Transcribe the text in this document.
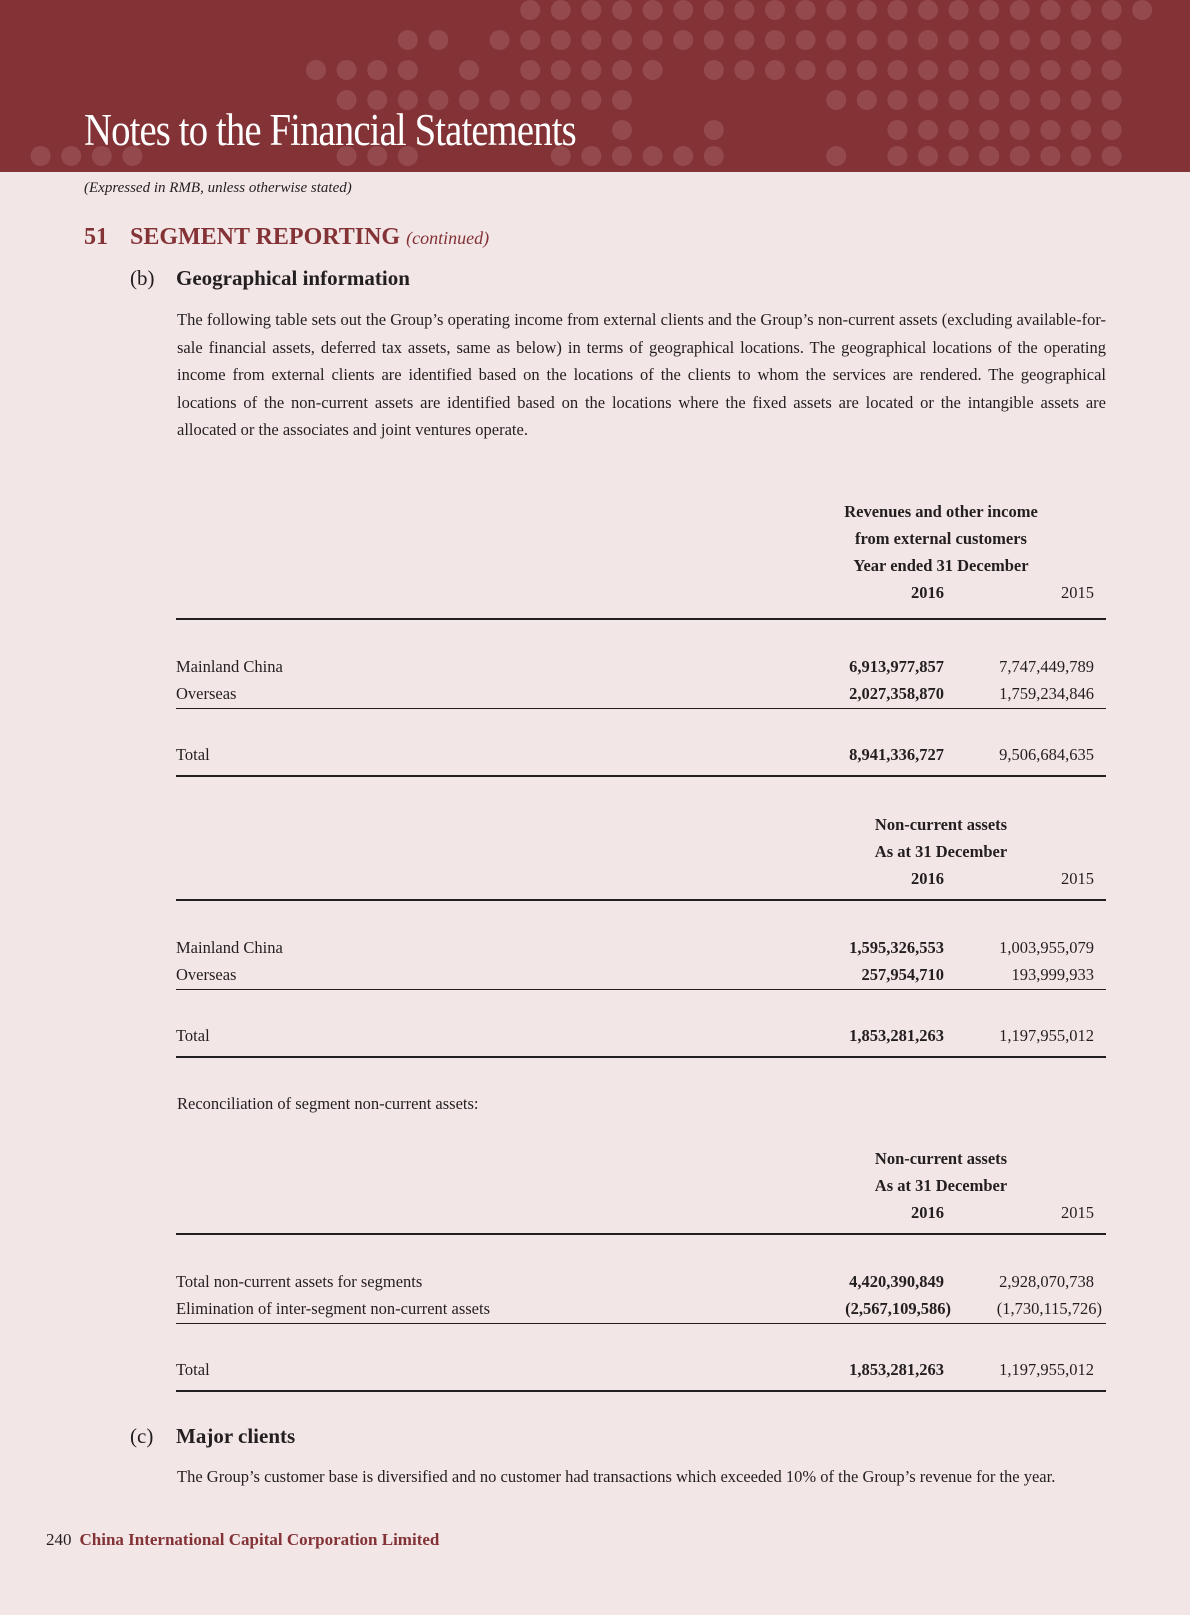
Notes to the Financial Statements
(Expressed in RMB, unless otherwise stated)
51 SEGMENT REPORTING (continued)
(b) Geographical information
The following table sets out the Group’s operating income from external clients and the Group’s non-current assets (excluding available-for-sale financial assets, deferred tax assets, same as below) in terms of geographical locations. The geographical locations of the operating income from external clients are identified based on the locations of the clients to whom the services are rendered. The geographical locations of the non-current assets are identified based on the locations where the fixed assets are located or the intangible assets are allocated or the associates and joint ventures operate.
Revenues and other income
from external customers
Year ended 31 December
2016	2015
Mainland China	6,913,977,857	7,747,449,789
Overseas	2,027,358,870	1,759,234,846
Total	8,941,336,727	9,506,684,635
Non-current assets
As at 31 December
2016	2015
Mainland China	1,595,326,553	1,003,955,079
Overseas	257,954,710	193,999,933
Total	1,853,281,263	1,197,955,012
Reconciliation of segment non-current assets:
Non-current assets
As at 31 December
2016	2015
Total non-current assets for segments	4,420,390,849	2,928,070,738
Elimination of inter-segment non-current assets	(2,567,109,586)	(1,730,115,726)
Total	1,853,281,263	1,197,955,012
(c) Major clients
The Group’s customer base is diversified and no customer had transactions which exceeded 10% of the Group’s revenue for the year.
240 China International Capital Corporation Limited
